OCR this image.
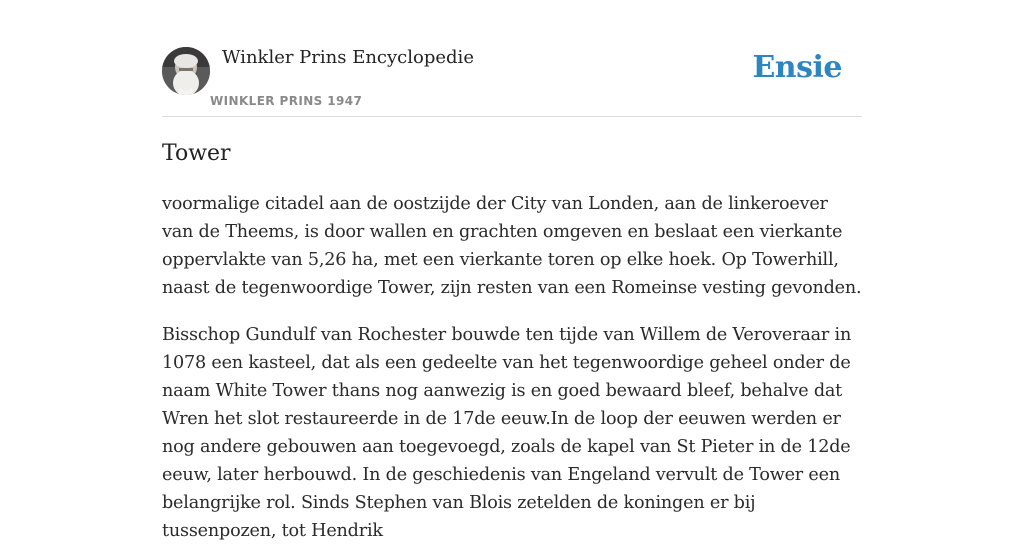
Winkler Prins Encyclopedie
WINKLER PRINS 1947
Ensie
Tower

voormalige citadel aan de oostzijde der City van Londen, aan de linkeroever van de Theems, is door wallen en grachten omgeven en beslaat een vierkante oppervlakte van 5,26 ha, met een vierkante toren op elke hoek. Op Towerhill, naast de tegenwoordige Tower, zijn resten van een Romeinse vesting gevonden.

Bisschop Gundulf van Rochester bouwde ten tijde van Willem de Veroveraar in 1078 een kasteel, dat als een gedeelte van het tegenwoordige geheel onder de naam White Tower thans nog aanwezig is en goed bewaard bleef, behalve dat Wren het slot restaureerde in de 17de eeuw.In de loop der eeuwen werden er nog andere gebouwen aan toegevoegd, zoals de kapel van St Pieter in de 12de eeuw, later herbouwd. In de geschiedenis van Engeland vervult de Tower een belangrijke rol. Sinds Stephen van Blois zetelden de koningen er bij tussenpozen, tot Hendrik
